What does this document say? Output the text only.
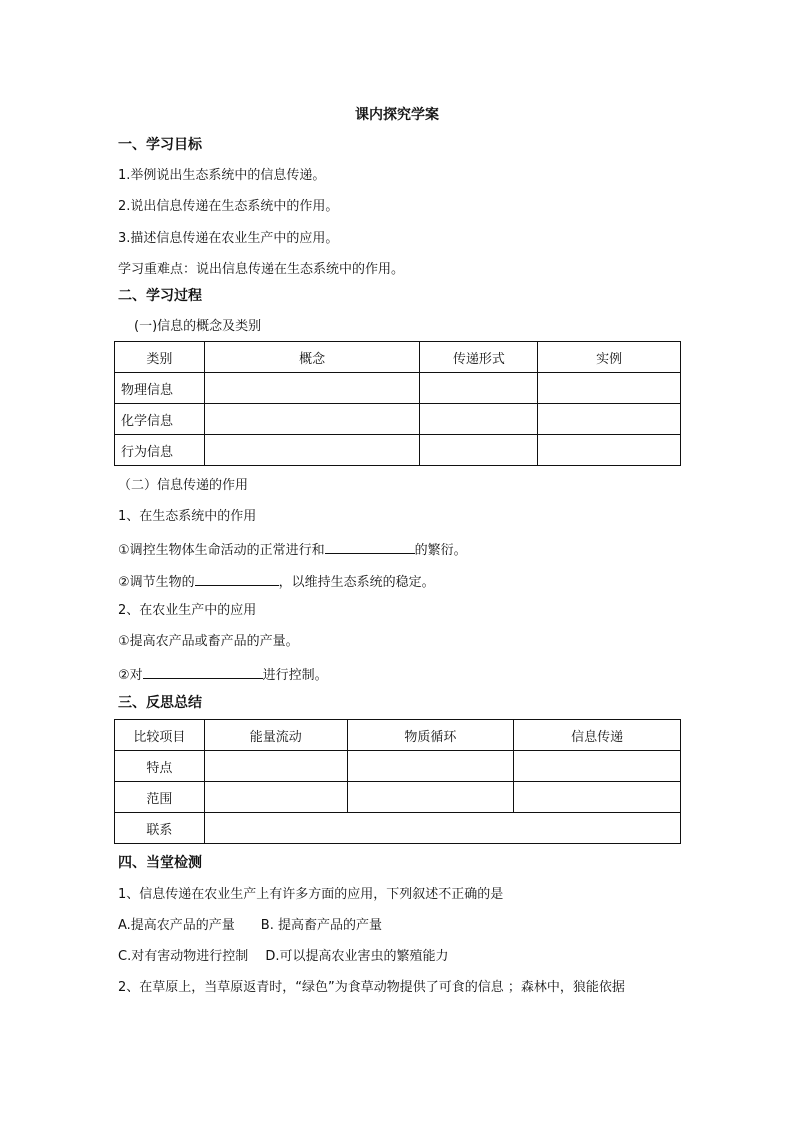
课内探究学案
一、学习目标
1.举例说出生态系统中的信息传递。
2.说出信息传递在生态系统中的作用。
3.描述信息传递在农业生产中的应用。
学习重难点：说出信息传递在生态系统中的作用。
二、学习过程
(一)信息的概念及类别
类别	概念	传递形式	实例
物理信息			
化学信息			
行为信息			
（二）信息传递的作用
1、在生态系统中的作用
①调控生物体生命活动的正常进行和	的繁衍。
②调节生物的	，以维持生态系统的稳定。
2、在农业生产中的应用
①提高农产品或畜产品的产量。
②对	进行控制。
三、反思总结
比较项目	能量流动	物质循环	信息传递
特点			
范围			
联系			
四、当堂检测
1、信息传递在农业生产上有许多方面的应用，下列叙述不正确的是
A.提高农产品的产量　　B. 提高畜产品的产量
C.对有害动物进行控制　 D.可以提高农业害虫的繁殖能力
2、在草原上，当草原返青时，“绿色”为食草动物提供了可食的信息 ；森林中，狼能依据
